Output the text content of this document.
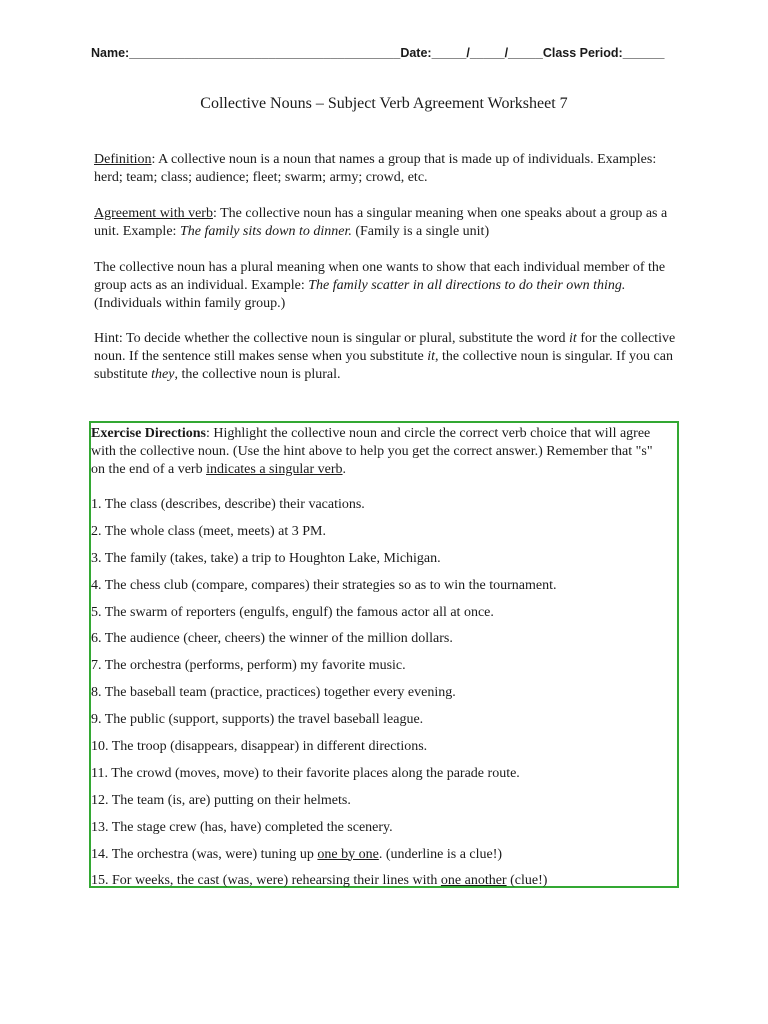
Name:_______________________________________Date:_____/_____/_____Class Period:______
Collective Nouns – Subject Verb Agreement Worksheet 7
Definition: A collective noun is a noun that names a group that is made up of individuals. Examples: herd; team; class; audience; fleet; swarm; army; crowd, etc.
Agreement with verb: The collective noun has a singular meaning when one speaks about a group as a unit. Example: The family sits down to dinner. (Family is a single unit)
The collective noun has a plural meaning when one wants to show that each individual member of the group acts as an individual. Example: The family scatter in all directions to do their own thing. (Individuals within family group.)
Hint: To decide whether the collective noun is singular or plural, substitute the word it for the collective noun. If the sentence still makes sense when you substitute it, the collective noun is singular. If you can substitute they, the collective noun is plural.
Exercise Directions: Highlight the collective noun and circle the correct verb choice that will agree with the collective noun. (Use the hint above to help you get the correct answer.) Remember that "s" on the end of a verb indicates a singular verb.
1. The class (describes, describe) their vacations.
2. The whole class (meet, meets) at 3 PM.
3. The family (takes, take) a trip to Houghton Lake, Michigan.
4. The chess club (compare, compares) their strategies so as to win the tournament.
5. The swarm of reporters (engulfs, engulf) the famous actor all at once.
6. The audience (cheer, cheers) the winner of the million dollars.
7. The orchestra (performs, perform) my favorite music.
8. The baseball team (practice, practices) together every evening.
9. The public (support, supports) the travel baseball league.
10. The troop (disappears, disappear) in different directions.
11. The crowd (moves, move) to their favorite places along the parade route.
12. The team (is, are) putting on their helmets.
13. The stage crew (has, have) completed the scenery.
14. The orchestra (was, were) tuning up one by one. (underline is a clue!)
15. For weeks, the cast (was, were) rehearsing their lines with one another (clue!)
